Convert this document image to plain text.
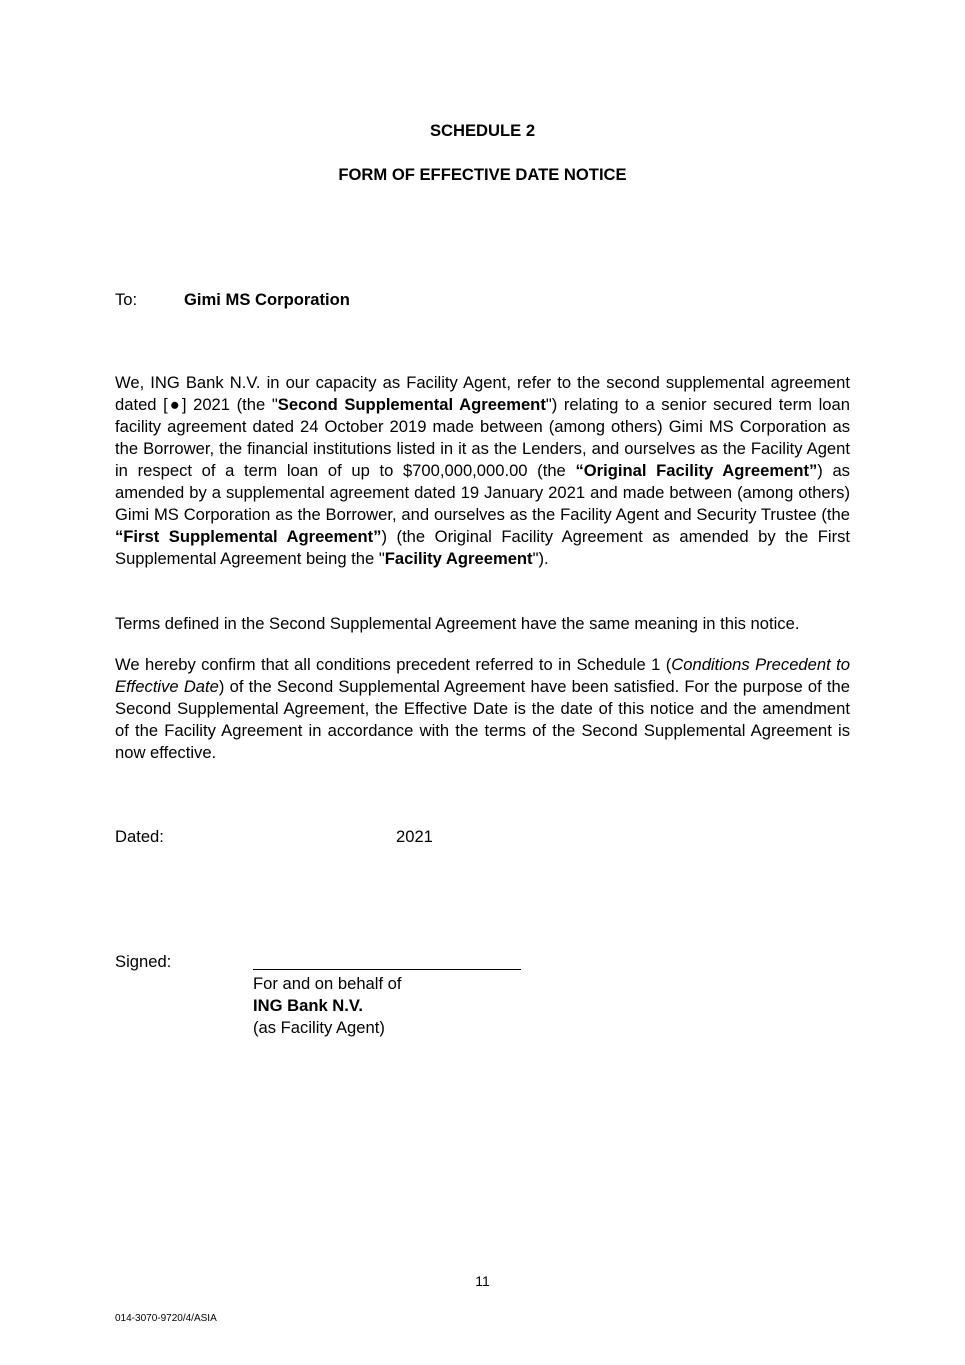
SCHEDULE 2
FORM OF EFFECTIVE DATE NOTICE
To:	Gimi MS Corporation
We, ING Bank N.V. in our capacity as Facility Agent, refer to the second supplemental agreement dated [●] 2021 (the "Second Supplemental Agreement") relating to a senior secured term loan facility agreement dated 24 October 2019 made between (among others) Gimi MS Corporation as the Borrower, the financial institutions listed in it as the Lenders, and ourselves as the Facility Agent in respect of a term loan of up to $700,000,000.00 (the “Original Facility Agreement”) as amended by a supplemental agreement dated 19 January 2021 and made between (among others) Gimi MS Corporation as the Borrower, and ourselves as the Facility Agent and Security Trustee (the “First Supplemental Agreement”) (the Original Facility Agreement as amended by the First Supplemental Agreement being the "Facility Agreement").
Terms defined in the Second Supplemental Agreement have the same meaning in this notice.
We hereby confirm that all conditions precedent referred to in Schedule 1 (Conditions Precedent to Effective Date) of the Second Supplemental Agreement have been satisfied. For the purpose of the Second Supplemental Agreement, the Effective Date is the date of this notice and the amendment of the Facility Agreement in accordance with the terms of the Second Supplemental Agreement is now effective.
Dated:	2021
Signed:
For and on behalf of
ING Bank N.V.
(as Facility Agent)
11
014-3070-9720/4/ASIA
